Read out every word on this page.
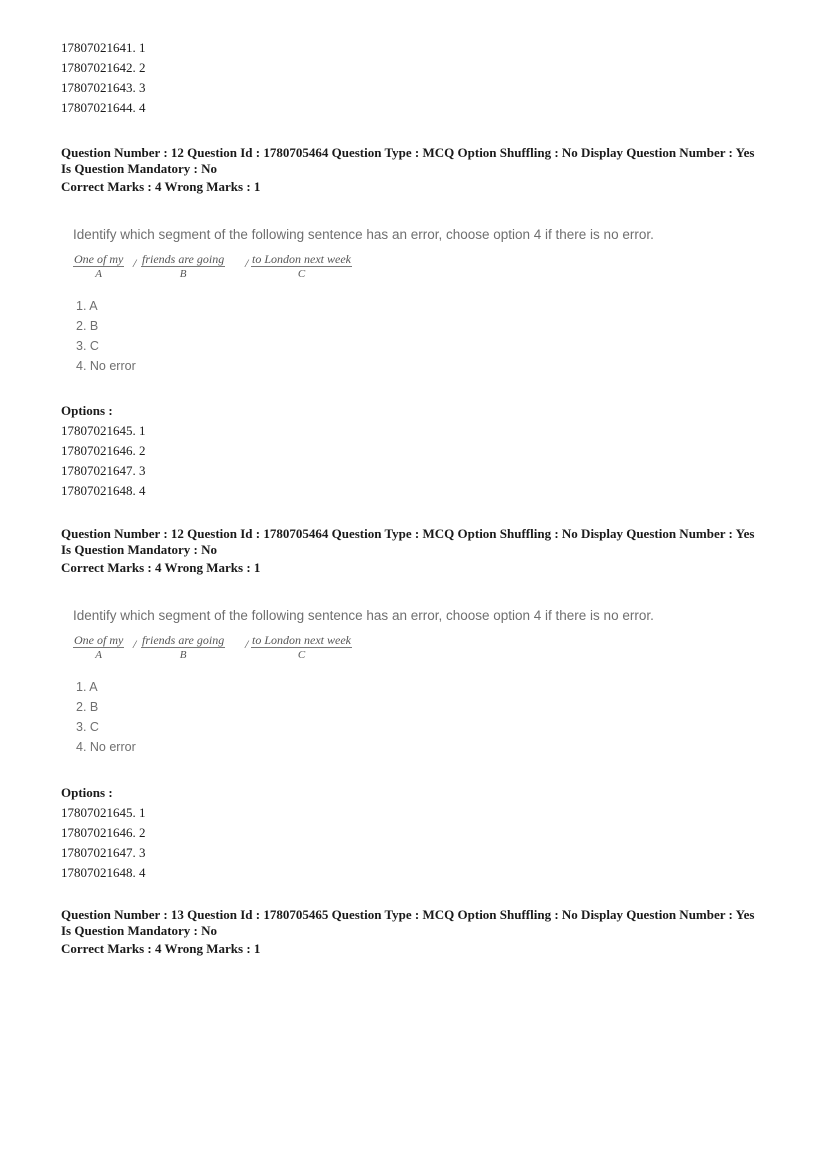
17807021641. 1
17807021642. 2
17807021643. 3
17807021644. 4
Question Number : 12 Question Id : 1780705464 Question Type : MCQ Option Shuffling : No Display Question Number : Yes
Is Question Mandatory : No
Correct Marks : 4 Wrong Marks : 1
Identify which segment of the following sentence has an error, choose option 4 if there is no error.
One of my
A
/ friends are going
B
/ to London next week
C
1. A
2. B
3. C
4. No error
Options :
17807021645. 1
17807021646. 2
17807021647. 3
17807021648. 4
Question Number : 12 Question Id : 1780705464 Question Type : MCQ Option Shuffling : No Display Question Number : Yes
Is Question Mandatory : No
Correct Marks : 4 Wrong Marks : 1
Identify which segment of the following sentence has an error, choose option 4 if there is no error.
One of my
A
/ friends are going
B
/ to London next week
C
1. A
2. B
3. C
4. No error
Options :
17807021645. 1
17807021646. 2
17807021647. 3
17807021648. 4
Question Number : 13 Question Id : 1780705465 Question Type : MCQ Option Shuffling : No Display Question Number : Yes
Is Question Mandatory : No
Correct Marks : 4 Wrong Marks : 1
